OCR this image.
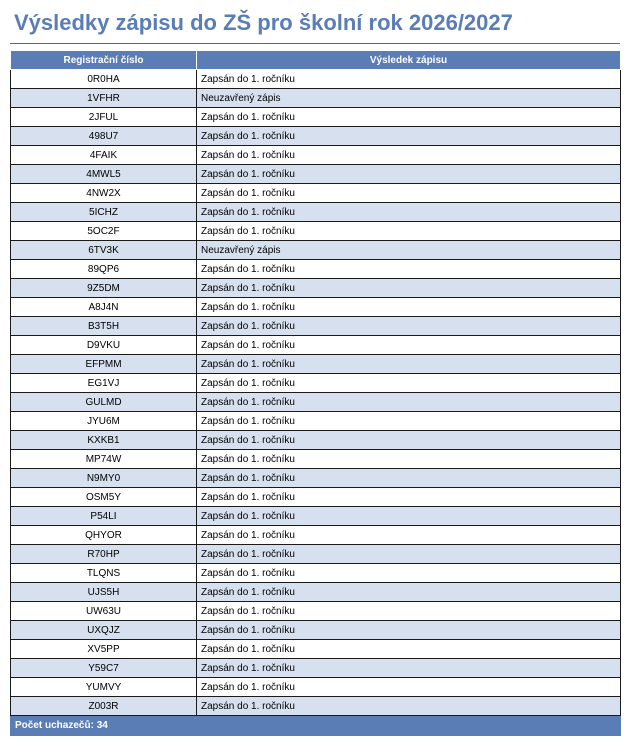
Výsledky zápisu do ZŠ pro školní rok 2026/2027
Registrační číslo	Výsledek zápisu
0R0HA	Zapsán do 1. ročníku
1VFHR	Neuzavřený zápis
2JFUL	Zapsán do 1. ročníku
498U7	Zapsán do 1. ročníku
4FAIK	Zapsán do 1. ročníku
4MWL5	Zapsán do 1. ročníku
4NW2X	Zapsán do 1. ročníku
5ICHZ	Zapsán do 1. ročníku
5OC2F	Zapsán do 1. ročníku
6TV3K	Neuzavřený zápis
89QP6	Zapsán do 1. ročníku
9Z5DM	Zapsán do 1. ročníku
A8J4N	Zapsán do 1. ročníku
B3T5H	Zapsán do 1. ročníku
D9VKU	Zapsán do 1. ročníku
EFPMM	Zapsán do 1. ročníku
EG1VJ	Zapsán do 1. ročníku
GULMD	Zapsán do 1. ročníku
JYU6M	Zapsán do 1. ročníku
KXKB1	Zapsán do 1. ročníku
MP74W	Zapsán do 1. ročníku
N9MY0	Zapsán do 1. ročníku
OSM5Y	Zapsán do 1. ročníku
P54LI	Zapsán do 1. ročníku
QHYOR	Zapsán do 1. ročníku
R70HP	Zapsán do 1. ročníku
TLQNS	Zapsán do 1. ročníku
UJS5H	Zapsán do 1. ročníku
UW63U	Zapsán do 1. ročníku
UXQJZ	Zapsán do 1. ročníku
XV5PP	Zapsán do 1. ročníku
Y59C7	Zapsán do 1. ročníku
YUMVY	Zapsán do 1. ročníku
Z003R	Zapsán do 1. ročníku
Počet uchazečů: 34	
